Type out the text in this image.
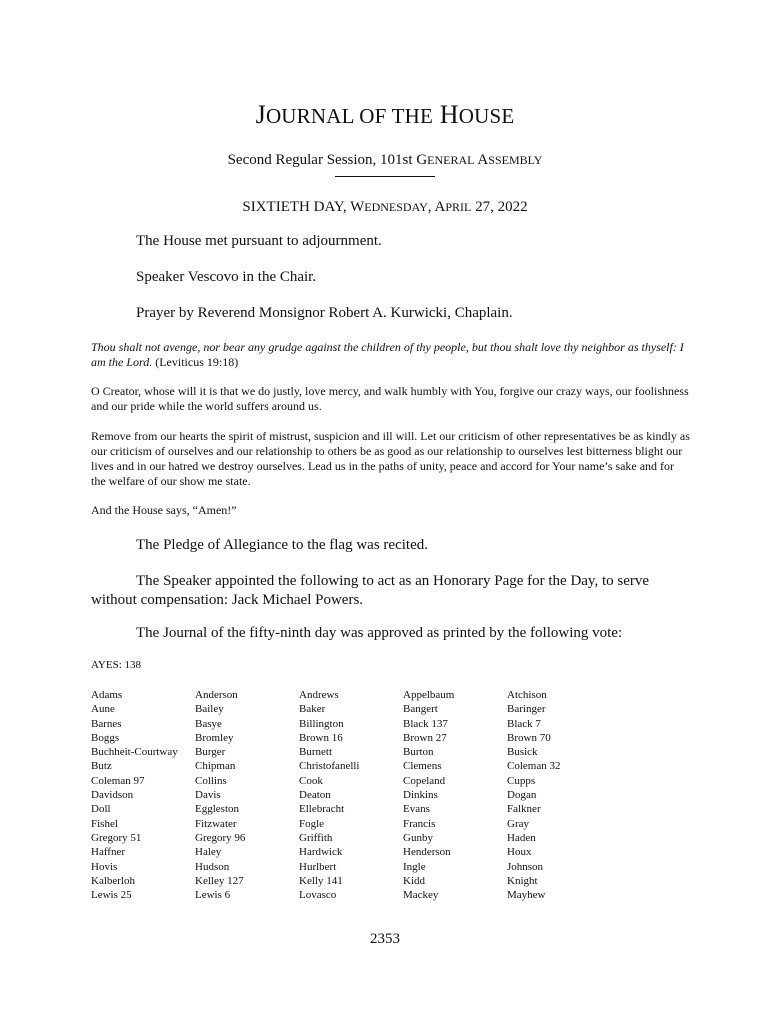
JOURNAL OF THE HOUSE
Second Regular Session, 101st GENERAL ASSEMBLY
SIXTIETH DAY, WEDNESDAY, APRIL 27, 2022
The House met pursuant to adjournment.
Speaker Vescovo in the Chair.
Prayer by Reverend Monsignor Robert A. Kurwicki, Chaplain.
Thou shalt not avenge, nor bear any grudge against the children of thy people, but thou shalt love thy neighbor as thyself: I am the Lord. (Leviticus 19:18)
O Creator, whose will it is that we do justly, love mercy, and walk humbly with You, forgive our crazy ways, our foolishness and our pride while the world suffers around us.
Remove from our hearts the spirit of mistrust, suspicion and ill will. Let our criticism of other representatives be as kindly as our criticism of ourselves and our relationship to others be as good as our relationship to ourselves lest bitterness blight our lives and in our hatred we destroy ourselves. Lead us in the paths of unity, peace and accord for Your name’s sake and for the welfare of our show me state.
And the House says, “Amen!”
The Pledge of Allegiance to the flag was recited.
The Speaker appointed the following to act as an Honorary Page for the Day, to serve without compensation: Jack Michael Powers.
The Journal of the fifty-ninth day was approved as printed by the following vote:
AYES: 138
Adams
Aune
Barnes
Boggs
Buchheit-Courtway
Butz
Coleman 97
Davidson
Doll
Fishel
Gregory 51
Haffner
Hovis
Kalberloh
Lewis 25
Anderson
Bailey
Basye
Bromley
Burger
Chipman
Collins
Davis
Eggleston
Fitzwater
Gregory 96
Haley
Hudson
Kelley 127
Lewis 6
Andrews
Baker
Billington
Brown 16
Burnett
Christofanelli
Cook
Deaton
Ellebracht
Fogle
Griffith
Hardwick
Hurlbert
Kelly 141
Lovasco
Appelbaum
Bangert
Black 137
Brown 27
Burton
Clemens
Copeland
Dinkins
Evans
Francis
Gunby
Henderson
Ingle
Kidd
Mackey
Atchison
Baringer
Black 7
Brown 70
Busick
Coleman 32
Cupps
Dogan
Falkner
Gray
Haden
Houx
Johnson
Knight
Mayhew
2353
